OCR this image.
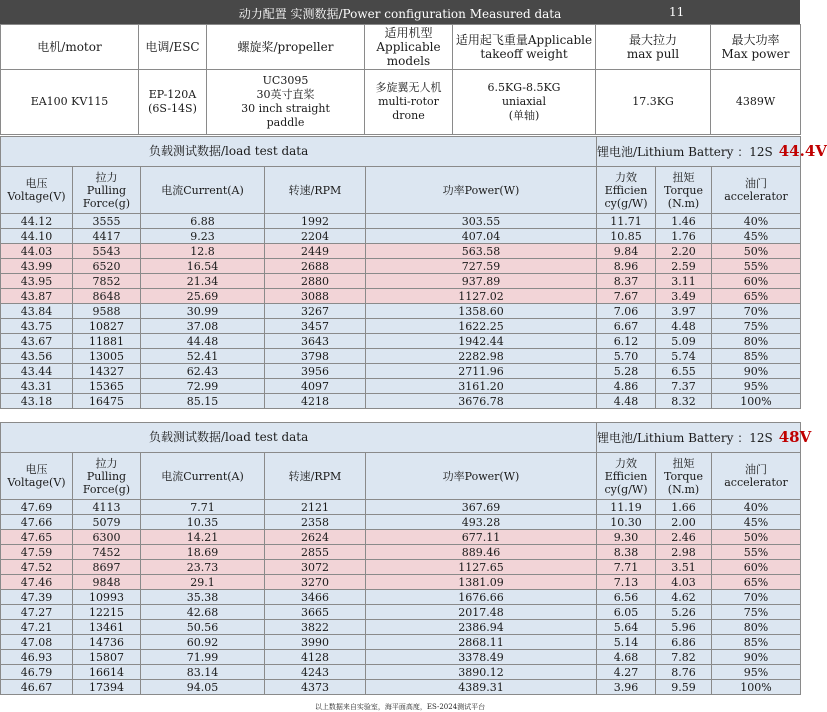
动力配置 实测数据/Power configuration Measured data	11
电机/motor	电调/ESC	螺旋桨/propeller	适用机型
Applicable
models	适用起飞重量Applicable
takeoff weight	最大拉力
max pull	最大功率
Max power
EA100 KV115	EP-120A
(6S-14S)	UC3095
30英寸直桨
30 inch straight
paddle	多旋翼无人机
multi-rotor
drone	6.5KG-8.5KG
uniaxial
(单轴)	17.3KG	4389W
负载测试数据/load test data					锂电池/Lithium Battery ：12S 44.4V		
电压
Voltage(V)	拉力
Pulling
Force(g)	电流Current(A)	转速/RPM	功率Power(W)	力效
Efficien
cy(g/W)	扭矩
Torque
(N.m)	油门
accelerator
44.12	3555	6.88	1992	303.55	11.71	1.46	40%
44.10	4417	9.23	2204	407.04	10.85	1.76	45%
44.03	5543	12.8	2449	563.58	9.84	2.20	50%
43.99	6520	16.54	2688	727.59	8.96	2.59	55%
43.95	7852	21.34	2880	937.89	8.37	3.11	60%
43.87	8648	25.69	3088	1127.02	7.67	3.49	65%
43.84	9588	30.99	3267	1358.60	7.06	3.97	70%
43.75	10827	37.08	3457	1622.25	6.67	4.48	75%
43.67	11881	44.48	3643	1942.44	6.12	5.09	80%
43.56	13005	52.41	3798	2282.98	5.70	5.74	85%
43.44	14327	62.43	3956	2711.96	5.28	6.55	90%
43.31	15365	72.99	4097	3161.20	4.86	7.37	95%
43.18	16475	85.15	4218	3676.78	4.48	8.32	100%
负载测试数据/load test data					锂电池/Lithium Battery ：12S 48V		
电压
Voltage(V)	拉力
Pulling
Force(g)	电流Current(A)	转速/RPM	功率Power(W)	力效
Efficien
cy(g/W)	扭矩
Torque
(N.m)	油门
accelerator
47.69	4113	7.71	2121	367.69	11.19	1.66	40%
47.66	5079	10.35	2358	493.28	10.30	2.00	45%
47.65	6300	14.21	2624	677.11	9.30	2.46	50%
47.59	7452	18.69	2855	889.46	8.38	2.98	55%
47.52	8697	23.73	3072	1127.65	7.71	3.51	60%
47.46	9848	29.1	3270	1381.09	7.13	4.03	65%
47.39	10993	35.38	3466	1676.66	6.56	4.62	70%
47.27	12215	42.68	3665	2017.48	6.05	5.26	75%
47.21	13461	50.56	3822	2386.94	5.64	5.96	80%
47.08	14736	60.92	3990	2868.11	5.14	6.86	85%
46.93	15807	71.99	4128	3378.49	4.68	7.82	90%
46.79	16614	83.14	4243	3890.12	4.27	8.76	95%
46.67	17394	94.05	4373	4389.31	3.96	9.59	100%
以上数据来自实验室，海平面高度，ES-2024测试平台
